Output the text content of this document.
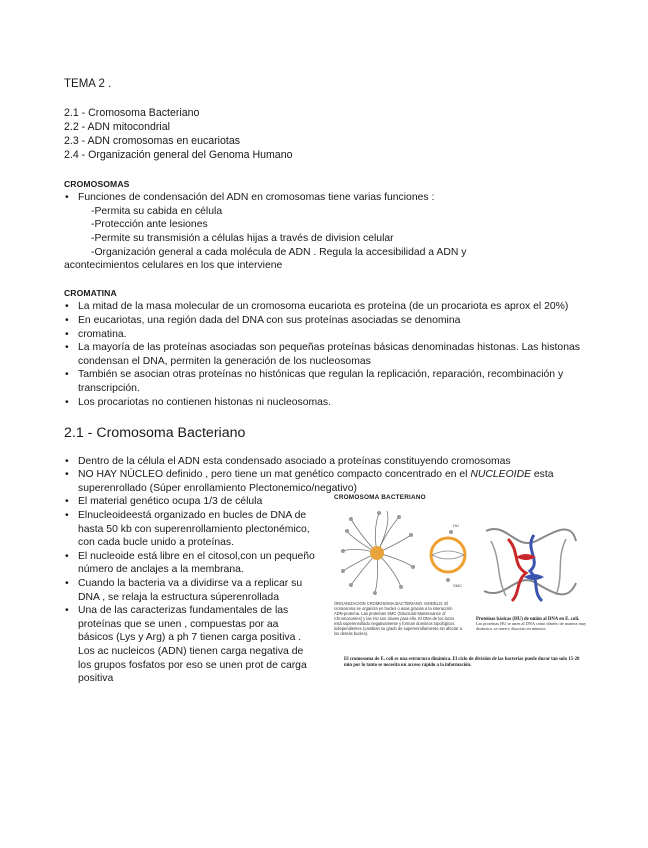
TEMA 2 .
2.1 - Cromosoma Bacteriano
2.2 - ADN mitocondrial
2.3 - ADN cromosomas en eucariotas
2.4 - Organización general del Genoma Humano
CROMOSOMAS
• Funciones de condensación del ADN en cromosomas tiene varias funciones :
-Permita su cabida en célula
-Protección ante lesiones
-Permite su transmisión a células hijas a través de division celular
-Organización general a cada molécula de ADN . Regula la accesibilidad a ADN y
acontecimientos celulares en los que interviene
CROMATINA
• La mitad de la masa molecular de un cromosoma eucariota es proteína (de un procariota es aprox el 20%)
• En eucariotas, una región dada del DNA con sus proteínas asociadas se denomina
• cromatina.
• La mayoría de las proteínas asociadas son pequeñas proteínas básicas denominadas histonas. Las histonas condensan el DNA, permiten la generación de los nucleosomas
• También se asocian otras proteínas no histónicas que regulan la replicación, reparación, recombinación y transcripción.
• Los procariotas no contienen histonas ni nucleosomas.
2.1 - Cromosoma Bacteriano
• Dentro de la célula el ADN esta condensado asociado a proteínas constituyendo cromosomas
• NO HAY NÚCLEO definido , pero tiene un mat genético compacto concentrado en el NUCLEOIDE esta superenrollado (Súper enrollamiento Plectonemico/negativo)
• El material genético ocupa 1/3 de célula
• Elnucleoideestá organizado en bucles de DNA de hasta 50 kb con superenrollamiento plectonémico, con cada bucle unido a proteínas.
• El nucleoide está libre en el citosol,con un pequeño número de anclajes a la membrana.
• Cuando la bacteria va a dividirse va a replicar su DNA , se relaja la estructura súperenrollada
• Una de las caracterizas fundamentales de las proteínas que se unen , compuestas por aa básicos (Lys y Arg) a ph 7 tienen carga positiva . Los ac nucleicos (ADN) tienen carga negativa de los grupos fosfatos por eso se unen prot de carga positiva
CROMOSOMA BACTERIANO
HU
SMC
ORGANIZACION CROMOSOMA BACTERIANO. MODELO: El cromosoma se organiza en bucles o asas gracias a la interacción ADN-proteína. Las proteínas SMC (Structural Maintenance of Chromosomes) y las HU son claves para ello. El DNA de los lazos está superenrollado negativamente y forman dominios topológicos independientes (cambian su grado de superenrollamiento sin afectar a los demás bucles).
Proteínas básicas (HU) de unión al DNA en E. coli.
Las proteínas HU se unen al DNA como dímero de manera muy dinámica, se unen y disocian en minutos
El cromosoma de E. coli es una estructura dinámica. El ciclo de división de las bacterias puede durar tan solo 15-20 min por lo tanto se necesita un acceso rápido a la información.
